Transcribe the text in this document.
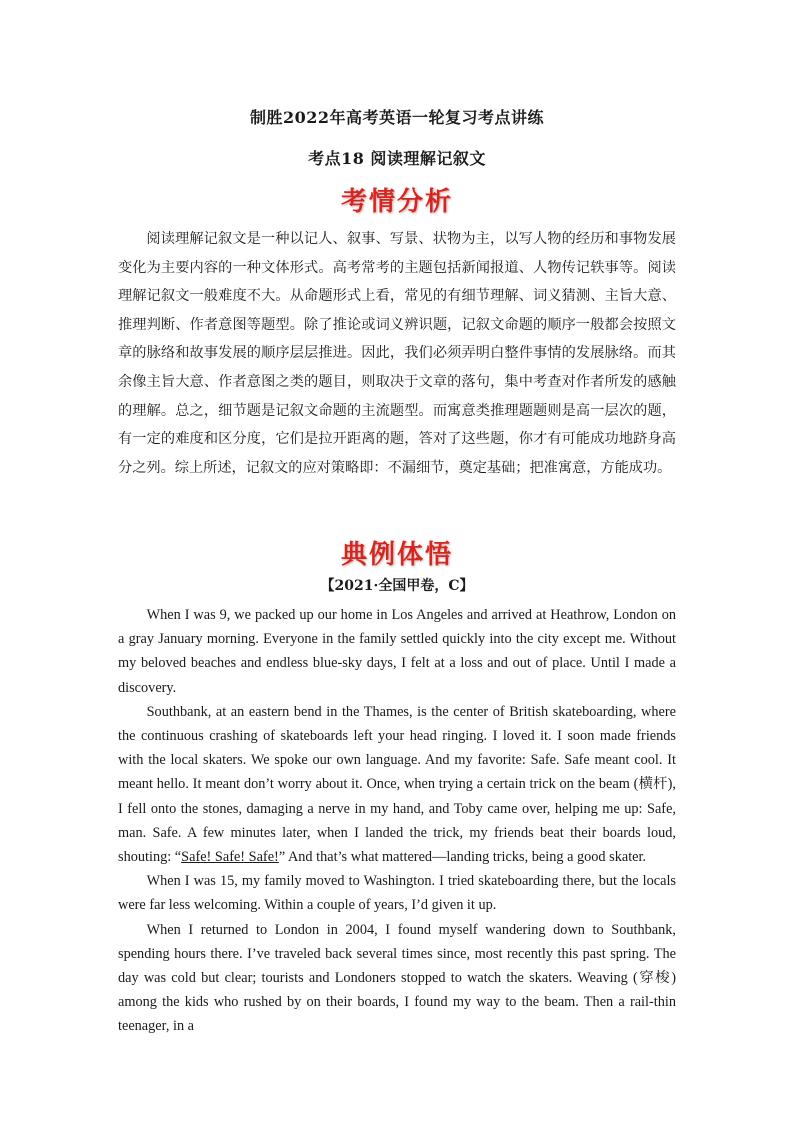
制胜2022年高考英语一轮复习考点讲练
考点18 阅读理解记叙文
考情分析

阅读理解记叙文是一种以记人、叙事、写景、状物为主，以写人物的经历和事物发展变化为主要内容的一种文体形式。高考常考的主题包括新闻报道、人物传记轶事等。阅读理解记叙文一般难度不大。从命题形式上看，常见的有细节理解、词义猜测、主旨大意、推理判断、作者意图等题型。除了推论或词义辨识题，记叙文命题的顺序一般都会按照文章的脉络和故事发展的顺序层层推进。因此，我们必须弄明白整件事情的发展脉络。而其余像主旨大意、作者意图之类的题目，则取决于文章的落句，集中考查对作者所发的感触的理解。总之，细节题是记叙文命题的主流题型。而寓意类推理题题则是高一层次的题，有一定的难度和区分度，它们是拉开距离的题，答对了这些题，你才有可能成功地跻身高分之列。综上所述，记叙文的应对策略即：不漏细节，奠定基础；把准寓意，方能成功。

典例体悟
【2021·全国甲卷，C】

When I was 9, we packed up our home in Los Angeles and arrived at Heathrow, London on a gray January morning. Everyone in the family settled quickly into the city except me. Without my beloved beaches and endless blue-sky days, I felt at a loss and out of place. Until I made a discovery.

Southbank, at an eastern bend in the Thames, is the center of British skateboarding, where the continuous crashing of skateboards left your head ringing. I loved it. I soon made friends with the local skaters. We spoke our own language. And my favorite: Safe. Safe meant cool. It meant hello. It meant don’t worry about it. Once, when trying a certain trick on the beam (横杆), I fell onto the stones, damaging a nerve in my hand, and Toby came over, helping me up: Safe, man. Safe. A few minutes later, when I landed the trick, my friends beat their boards loud, shouting: “Safe! Safe! Safe!” And that’s what mattered—landing tricks, being a good skater.

When I was 15, my family moved to Washington. I tried skateboarding there, but the locals were far less welcoming. Within a couple of years, I’d given it up.

When I returned to London in 2004, I found myself wandering down to Southbank, spending hours there. I’ve traveled back several times since, most recently this past spring. The day was cold but clear; tourists and Londoners stopped to watch the skaters. Weaving (穿梭) among the kids who rushed by on their boards, I found my way to the beam. Then a rail-thin teenager, in a
